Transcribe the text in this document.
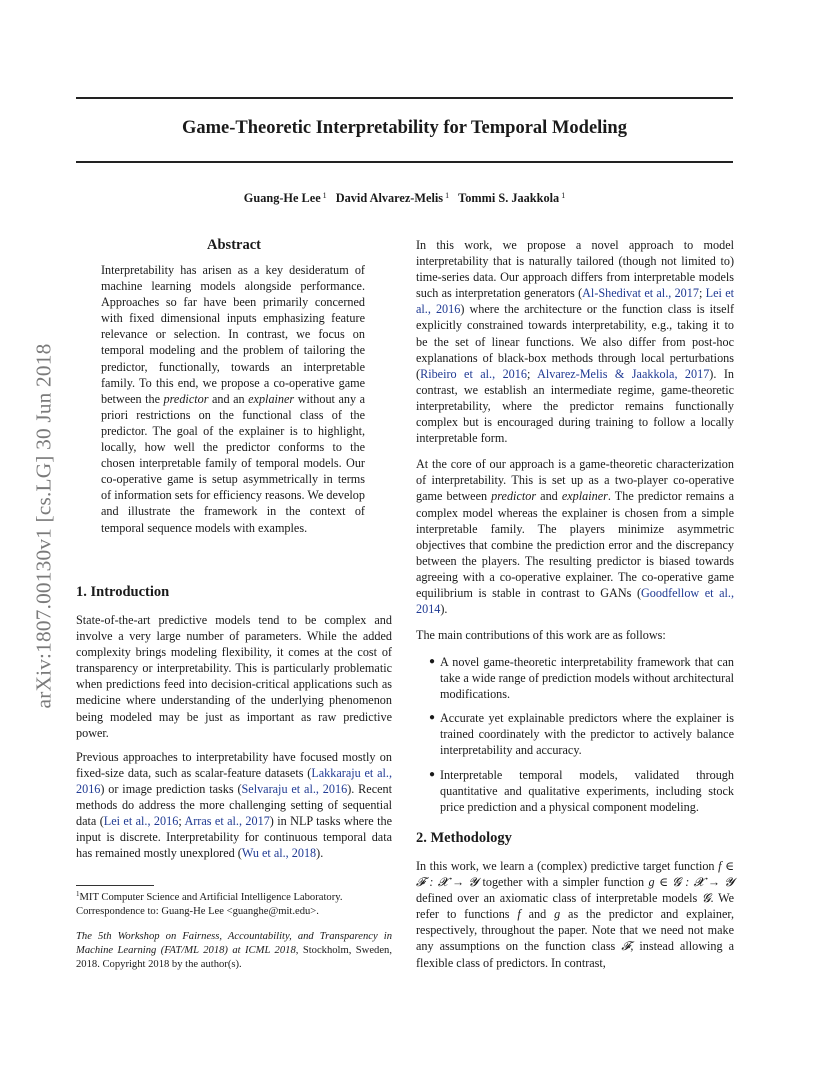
Game-Theoretic Interpretability for Temporal Modeling
Guang-He Lee $^1$ David Alvarez-Melis $^1$ Tommi S. Jaakkola $^1$
arXiv:1807.00130v1 [cs.LG] 30 Jun 2018
Abstract

Interpretability has arisen as a key desideratum of machine learning models alongside performance. Approaches so far have been primarily concerned with fixed dimensional inputs emphasizing feature relevance or selection. In contrast, we focus on temporal modeling and the problem of tailoring the predictor, functionally, towards an interpretable family. To this end, we propose a co-operative game between the predictor and an explainer without any a priori restrictions on the functional class of the predictor. The goal of the explainer is to highlight, locally, how well the predictor conforms to the chosen interpretable family of temporal models. Our co-operative game is setup asymmetrically in terms of information sets for efficiency reasons. We develop and illustrate the framework in the context of temporal sequence models with examples.

1. Introduction

State-of-the-art predictive models tend to be complex and involve a very large number of parameters. While the added complexity brings modeling flexibility, it comes at the cost of transparency or interpretability. This is particularly problematic when predictions feed into decision-critical applications such as medicine where understanding of the underlying phenomenon being modeled may be just as important as raw predictive power.

Previous approaches to interpretability have focused mostly on fixed-size data, such as scalar-feature datasets (Lakkaraju et al., 2016) or image prediction tasks (Selvaraju et al., 2016). Recent methods do address the more challenging setting of sequential data (Lei et al., 2016; Arras et al., 2017) in NLP tasks where the input is discrete. Interpretability for continuous temporal data has remained mostly unexplored (Wu et al., 2018).

$^1$MIT Computer Science and Artificial Intelligence Laboratory. Correspondence to: Guang-He Lee <guanghe@mit.edu>.

The 5th Workshop on Fairness, Accountability, and Transparency in Machine Learning (FAT/ML 2018) at ICML 2018, Stockholm, Sweden, 2018. Copyright 2018 by the author(s).

In this work, we propose a novel approach to model interpretability that is naturally tailored (though not limited to) time-series data. Our approach differs from interpretable models such as interpretation generators (Al-Shedivat et al., 2017; Lei et al., 2016) where the architecture or the function class is itself explicitly constrained towards interpretability, e.g., taking it to be the set of linear functions. We also differ from post-hoc explanations of black-box methods through local perturbations (Ribeiro et al., 2016; Alvarez-Melis & Jaakkola, 2017). In contrast, we establish an intermediate regime, game-theoretic interpretability, where the predictor remains functionally complex but is encouraged during training to follow a locally interpretable form.

At the core of our approach is a game-theoretic characterization of interpretability. This is set up as a two-player co-operative game between predictor and explainer. The predictor remains a complex model whereas the explainer is chosen from a simple interpretable family. The players minimize asymmetric objectives that combine the prediction error and the discrepancy between the players. The resulting predictor is biased towards agreeing with a co-operative explainer. The co-operative game equilibrium is stable in contrast to GANs (Goodfellow et al., 2014).

The main contributions of this work are as follows:

● A novel game-theoretic interpretability framework that can take a wide range of prediction models without architectural modifications.
● Accurate yet explainable predictors where the explainer is trained coordinately with the predictor to actively balance interpretability and accuracy.
● Interpretable temporal models, validated through quantitative and qualitative experiments, including stock price prediction and a physical component modeling.
2. Methodology

In this work, we learn a (complex) predictive target function f ∈ 𝓕 : 𝓧 → 𝓨 together with a simpler function g ∈ 𝓖 : 𝓧 → 𝓨 defined over an axiomatic class of interpretable models 𝓖. We refer to functions f and g as the predictor and explainer, respectively, throughout the paper. Note that we need not make any assumptions on the function class 𝓕, instead allowing a flexible class of predictors. In contrast,
